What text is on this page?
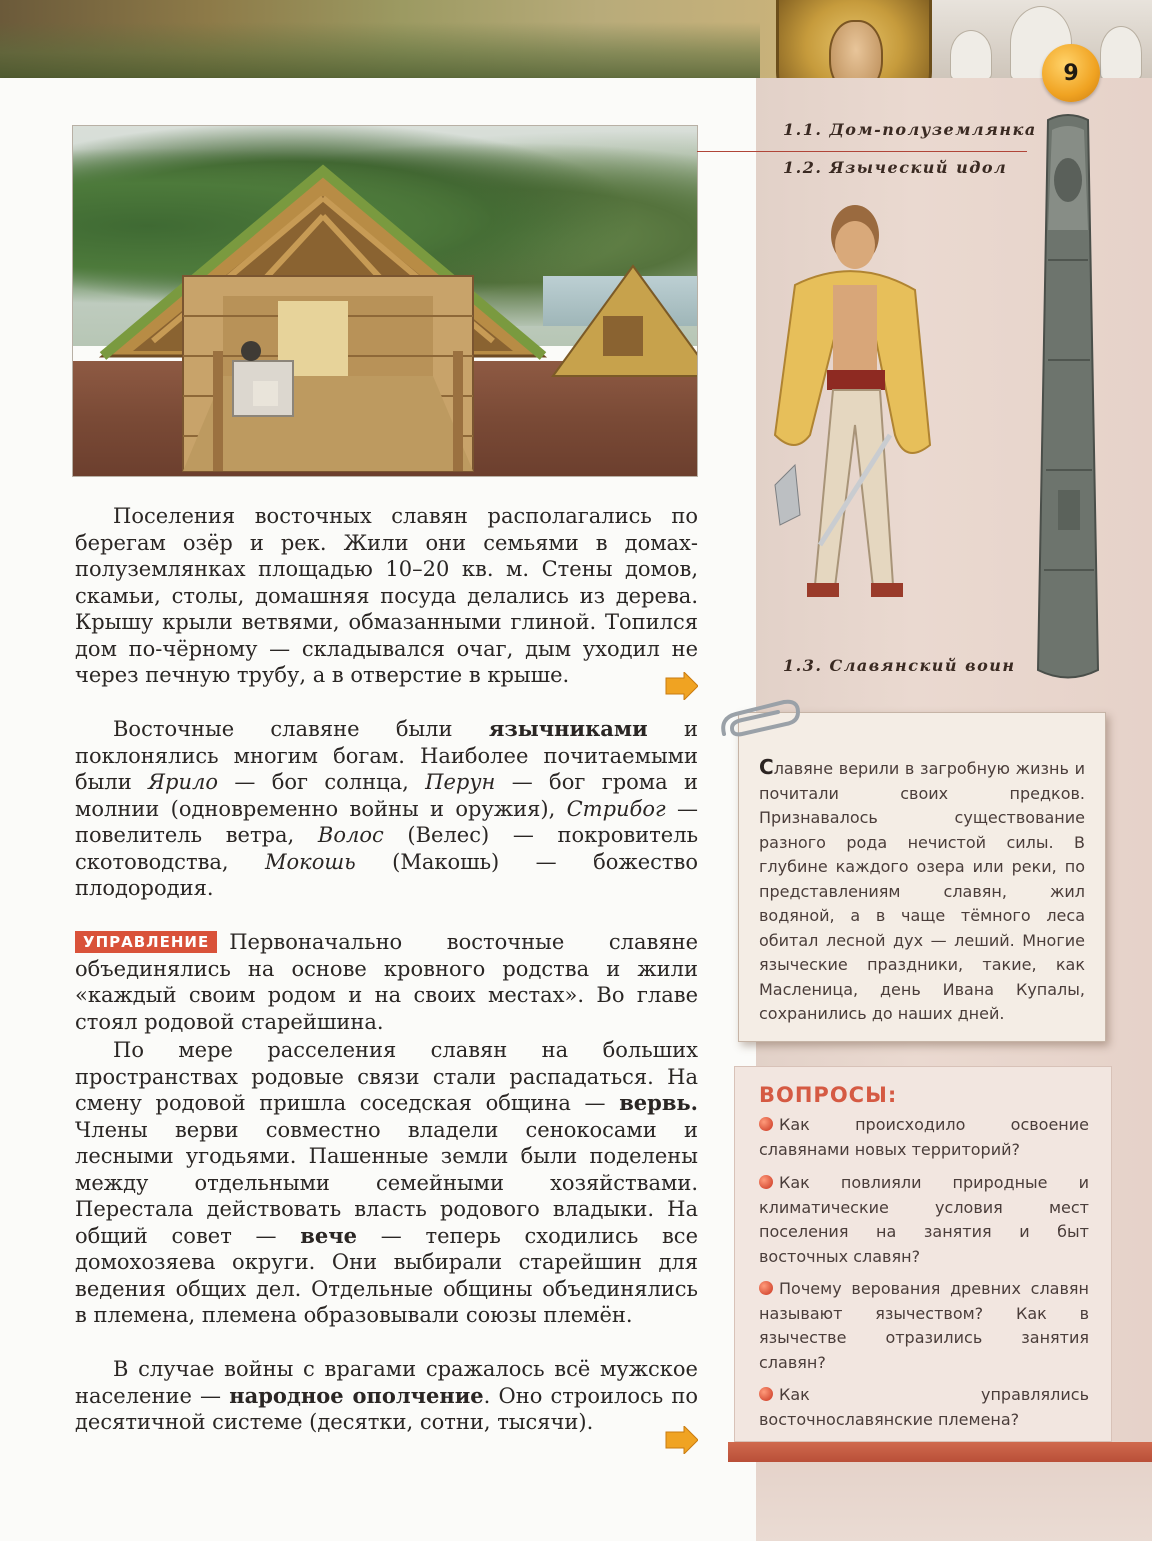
9
1.1. Дом-полуземлянка
1.2. Языческий идол
1.3. Славянский воин

Поселения восточных славян располагались по берегам озёр и рек. Жили они семьями в домах-полуземлянках площадью 10–20 кв. м. Стены домов, скамьи, столы, домашняя посуда делались из дерева. Крышу крыли ветвями, обмазанными глиной. Топился дом по-чёрному — складывался очаг, дым уходил не через печную трубу, а в отверстие в крыше.

Восточные славяне были язычниками и поклонялись многим богам. Наиболее почитаемыми были Ярило — бог солнца, Перун — бог грома и молнии (одновременно войны и оружия), Стрибог — повелитель ветра, Волос (Велес) — покровитель скотоводства, Мокошь (Макошь) — божество плодородия.

УПРАВЛЕНИЕ Первоначально восточные славяне объединялись на основе кровного родства и жили «каждый своим родом и на своих местах». Во главе стоял родовой старейшина.

По мере расселения славян на больших пространствах родовые связи стали распадаться. На смену родовой пришла соседская община — вервь. Члены верви совместно владели сенокосами и лесными угодьями. Пашенные земли были поделены между отдельными семейными хозяйствами. Перестала действовать власть родового владыки. На общий совет — вече — теперь сходились все домохозяева округи. Они выбирали старейшин для ведения общих дел. Отдельные общины объединялись в племена, племена образовывали союзы племён.

В случае войны с врагами сражалось всё мужское население — народное ополчение. Оно строилось по десятичной системе (десятки, сотни, тысячи).

Славяне верили в загробную жизнь и почитали своих предков. Признавалось существование разного рода нечистой силы. В глубине каждого озера или реки, по представлениям славян, жил водяной, а в чаще тёмного леса обитал лесной дух — леший. Многие языческие праздники, такие, как Масленица, день Ивана Купалы, сохранились до наших дней.

ВОПРОСЫ:

Как происходило освоение славянами новых территорий?

Как повлияли природные и климатические условия мест поселения на занятия и быт восточных славян?

Почему верования древних славян называют язычеством? Как в язычестве отразились занятия славян?

Как управлялись восточнославянские племена?
